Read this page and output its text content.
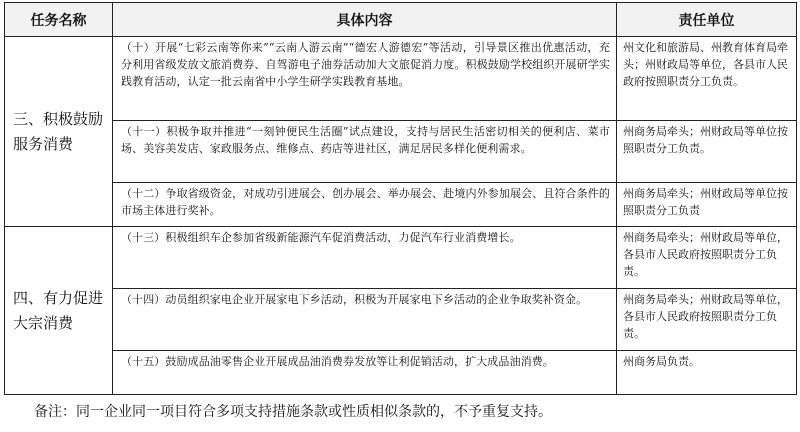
任务名称	具体内容	责任单位
三、积极鼓励服务消费	（十）开展“七彩云南等你来”“云南人游云南”“德宏人游德宏”等活动，引导景区推出优惠活动，充分利用省级发放文旅消费券、自驾游电子油券活动加大文旅促消力度。积极鼓励学校组织开展研学实践教育活动，认定一批云南省中小学生研学实践教育基地。	州文化和旅游局、州教育体育局牵头；州财政局等单位，各县市人民政府按照职责分工负责。
	（十一）积极争取并推进“一刻钟便民生活圈”试点建设，支持与居民生活密切相关的便利店、菜市场、美容美发店、家政服务点、维修点、药店等进社区，满足居民多样化便利需求。	州商务局牵头；州财政局等单位按照职责分工负责。
	（十二）争取省级资金，对成功引进展会、创办展会、举办展会、赴境内外参加展会、且符合条件的市场主体进行奖补。	州商务局牵头；州财政局等单位按照职责分工负责
四、有力促进大宗消费	（十三）积极组织车企参加省级新能源汽车促消费活动，力促汽车行业消费增长。	州商务局牵头；州财政局等单位，各县市人民政府按照职责分工负责。
	（十四）动员组织家电企业开展家电下乡活动，积极为开展家电下乡活动的企业争取奖补资金。	州商务局牵头；州财政局等单位，各县市人民政府按照职责分工负责。
	（十五）鼓励成品油零售企业开展成品油消费券发放等让利促销活动，扩大成品油消费。	州商务局负责。
备注：同一企业同一项目符合多项支持措施条款或性质相似条款的，不予重复支持。
